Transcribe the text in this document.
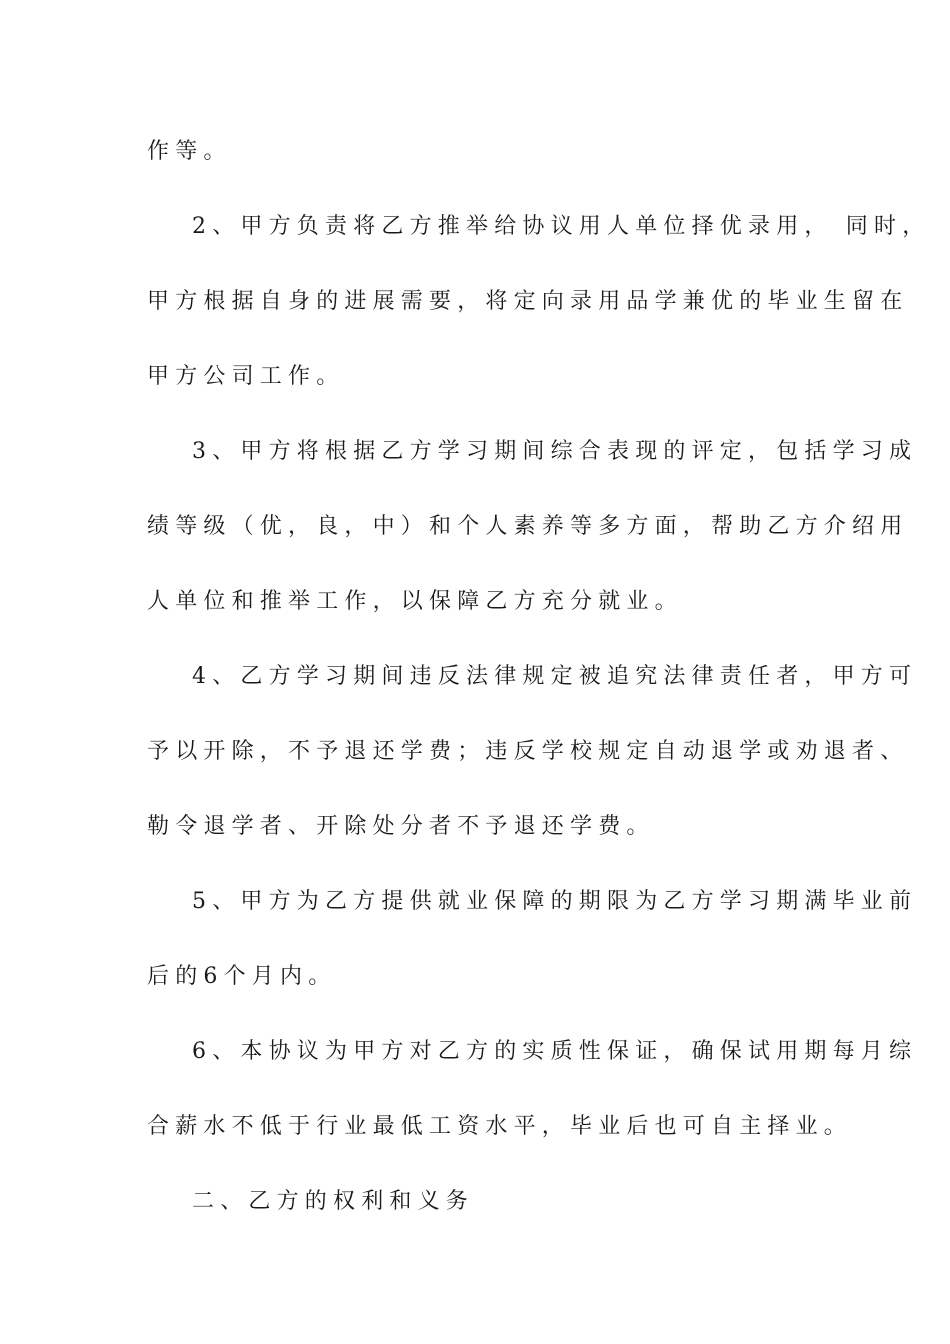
作等。
2、甲方负责将乙方推举给协议用人单位择优录用， 同时，
甲方根据自身的进展需要，将定向录用品学兼优的毕业生留在
甲方公司工作。
3、甲方将根据乙方学习期间综合表现的评定，包括学习成
绩等级（优，良，中）和个人素养等多方面，帮助乙方介绍用
人单位和推举工作，以保障乙方充分就业。
4、乙方学习期间违反法律规定被追究法律责任者，甲方可
予以开除，不予退还学费；违反学校规定自动退学或劝退者、
勒令退学者、开除处分者不予退还学费。
5、甲方为乙方提供就业保障的期限为乙方学习期满毕业前
后的6个月内。
6、本协议为甲方对乙方的实质性保证，确保试用期每月综
合薪水不低于行业最低工资水平，毕业后也可自主择业。
二、乙方的权利和义务
